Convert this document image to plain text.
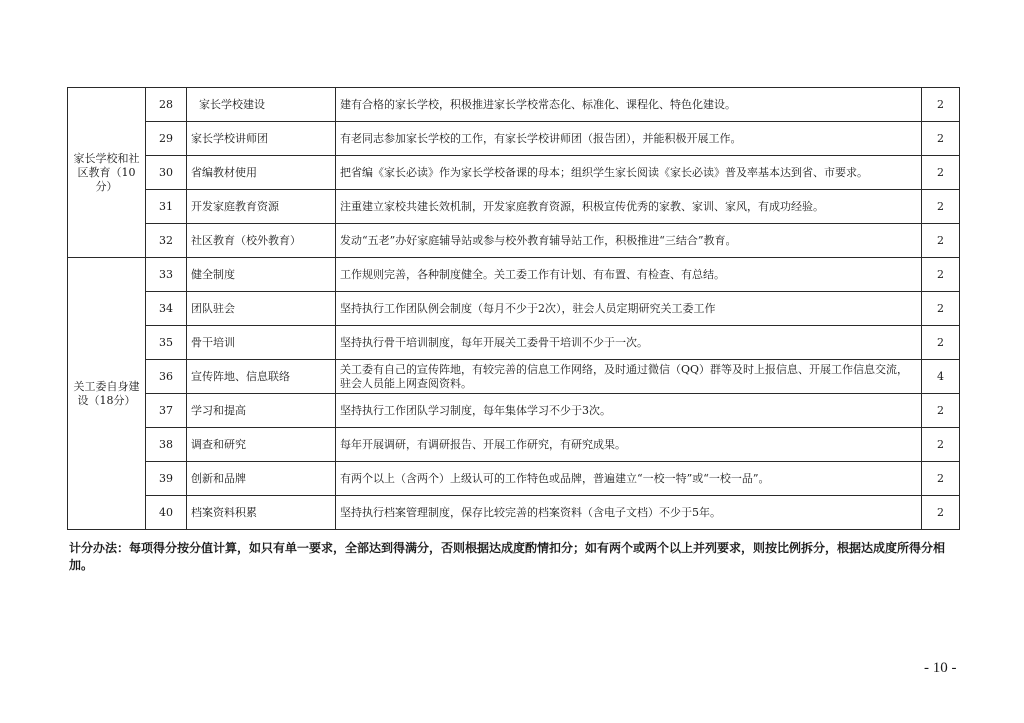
家长学校和社区教育（10分）	28	家长学校建设	建有合格的家长学校，积极推进家长学校常态化、标准化、课程化、特色化建设。	2
	29	家长学校讲师团	有老同志参加家长学校的工作，有家长学校讲师团（报告团），并能积极开展工作。	2
	30	省编教材使用	把省编《家长必读》作为家长学校备课的母本；组织学生家长阅读《家长必读》普及率基本达到省、市要求。	2
	31	开发家庭教育资源	注重建立家校共建长效机制，开发家庭教育资源，积极宣传优秀的家教、家训、家风，有成功经验。	2
	32	社区教育（校外教育）	发动“五老”办好家庭辅导站或参与校外教育辅导站工作，积极推进“三结合”教育。	2
关工委自身建设（18分）	33	健全制度	工作规则完善，各种制度健全。关工委工作有计划、有布置、有检查、有总结。	2
	34	团队驻会	坚持执行工作团队例会制度（每月不少于2次），驻会人员定期研究关工委工作	2
	35	骨干培训	坚持执行骨干培训制度，每年开展关工委骨干培训不少于一次。	2
	36	宣传阵地、信息联络	关工委有自己的宣传阵地，有较完善的信息工作网络，及时通过微信（QQ）群等及时上报信息、开展工作信息交流，驻会人员能上网查阅资料。	4
	37	学习和提高	坚持执行工作团队学习制度，每年集体学习不少于3次。	2
	38	调查和研究	每年开展调研，有调研报告、开展工作研究，有研究成果。	2
	39	创新和品牌	有两个以上（含两个）上级认可的工作特色或品牌，普遍建立“一校一特”或“一校一品”。	2
	40	档案资料积累	坚持执行档案管理制度，保存比较完善的档案资料（含电子文档）不少于5年。	2
计分办法：每项得分按分值计算，如只有单一要求，全部达到得满分，否则根据达成度酌情扣分；如有两个或两个以上并列要求，则按比例拆分，根据达成度所得分相加。
- 10 -
